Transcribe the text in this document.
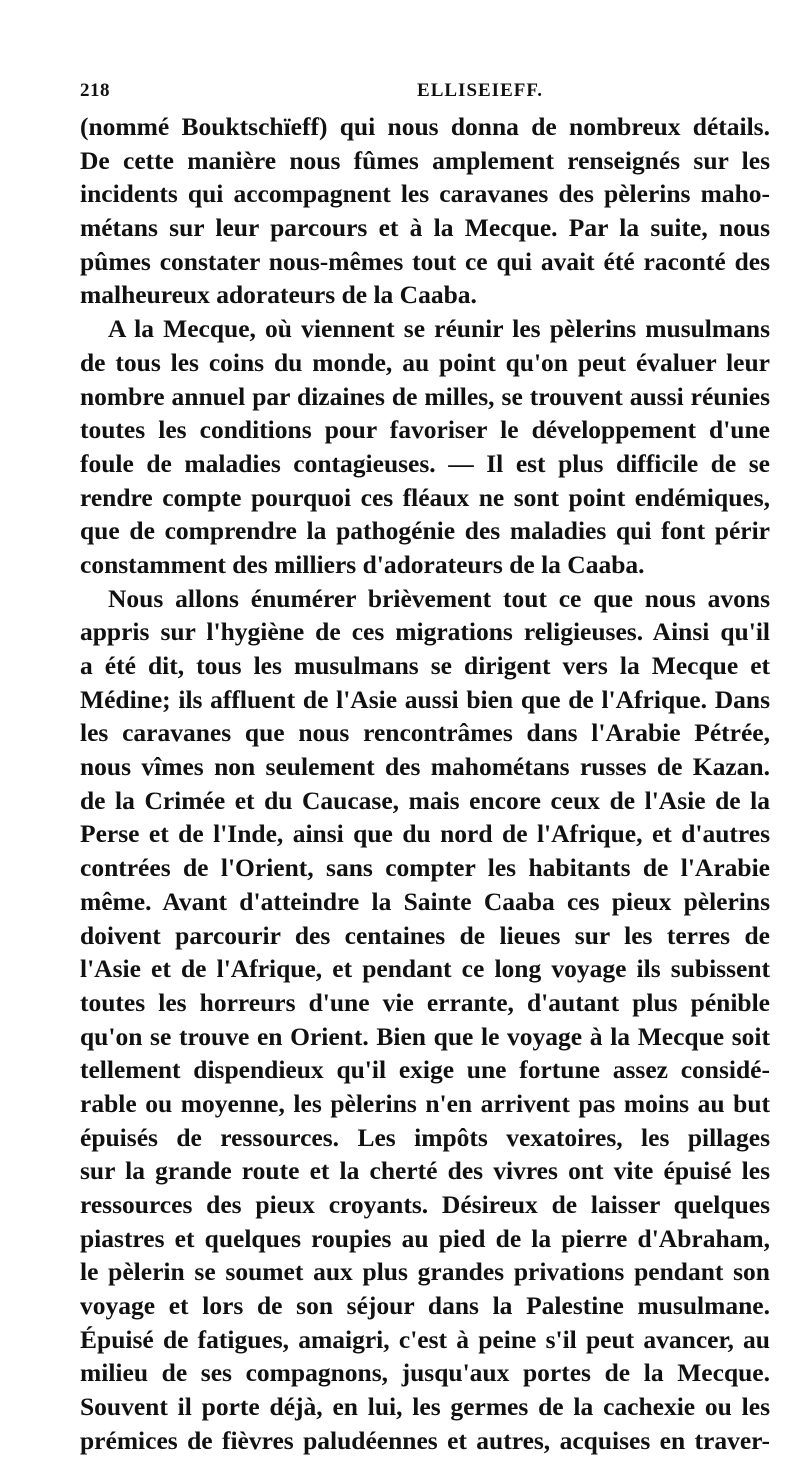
218	ELLISEIEFF.
(nommé Bouktschïeff) qui nous donna de nombreux détails.
De cette manière nous fûmes amplement renseignés sur les
incidents qui accompagnent les caravanes des pèlerins maho-
métans sur leur parcours et à la Mecque. Par la suite, nous
pûmes constater nous-mêmes tout ce qui avait été raconté des
malheureux adorateurs de la Caaba.
A la Mecque, où viennent se réunir les pèlerins musulmans
de tous les coins du monde, au point qu'on peut évaluer leur
nombre annuel par dizaines de milles, se trouvent aussi réunies
toutes les conditions pour favoriser le développement d'une
foule de maladies contagieuses. — Il est plus difficile de se
rendre compte pourquoi ces fléaux ne sont point endémiques,
que de comprendre la pathogénie des maladies qui font périr
constamment des milliers d'adorateurs de la Caaba.
Nous allons énumérer brièvement tout ce que nous avons
appris sur l'hygiène de ces migrations religieuses. Ainsi qu'il
a été dit, tous les musulmans se dirigent vers la Mecque et
Médine; ils affluent de l'Asie aussi bien que de l'Afrique. Dans
les caravanes que nous rencontrâmes dans l'Arabie Pétrée,
nous vîmes non seulement des mahométans russes de Kazan.
de la Crimée et du Caucase, mais encore ceux de l'Asie de la
Perse et de l'Inde, ainsi que du nord de l'Afrique, et d'autres
contrées de l'Orient, sans compter les habitants de l'Arabie
même. Avant d'atteindre la Sainte Caaba ces pieux pèlerins
doivent parcourir des centaines de lieues sur les terres de
l'Asie et de l'Afrique, et pendant ce long voyage ils subissent
toutes les horreurs d'une vie errante, d'autant plus pénible
qu'on se trouve en Orient. Bien que le voyage à la Mecque soit
tellement dispendieux qu'il exige une fortune assez considé-
rable ou moyenne, les pèlerins n'en arrivent pas moins au but
épuisés de ressources. Les impôts vexatoires, les pillages
sur la grande route et la cherté des vivres ont vite épuisé les
ressources des pieux croyants. Désireux de laisser quelques
piastres et quelques roupies au pied de la pierre d'Abraham,
le pèlerin se soumet aux plus grandes privations pendant son
voyage et lors de son séjour dans la Palestine musulmane.
Épuisé de fatigues, amaigri, c'est à peine s'il peut avancer, au
milieu de ses compagnons, jusqu'aux portes de la Mecque.
Souvent il porte déjà, en lui, les germes de la cachexie ou les
prémices de fièvres paludéennes et autres, acquises en traver-
